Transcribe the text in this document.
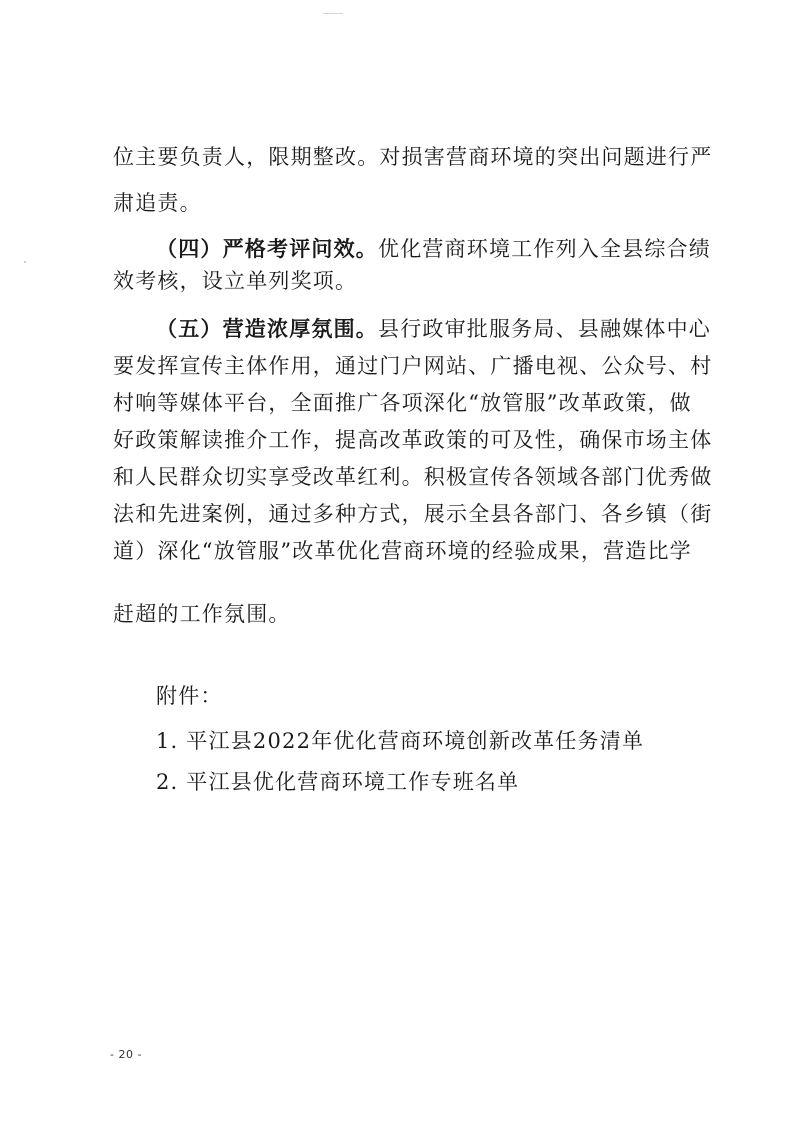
位主要负责人，限期整改。对损害营商环境的突出问题进行严
肃追责。
（四）严格考评问效。优化营商环境工作列入全县综合绩
效考核，设立单列奖项。
（五）营造浓厚氛围。县行政审批服务局、县融媒体中心
要发挥宣传主体作用，通过门户网站、广播电视、公众号、村
村响等媒体平台，全面推广各项深化“放管服”改革政策，做
好政策解读推介工作，提高改革政策的可及性，确保市场主体
和人民群众切实享受改革红利。积极宣传各领域各部门优秀做
法和先进案例，通过多种方式，展示全县各部门、各乡镇（街
道）深化“放管服”改革优化营商环境的经验成果，营造比学
赶超的工作氛围。
附件：
1. 平江县2022年优化营商环境创新改革任务清单
2. 平江县优化营商环境工作专班名单
- 20 -
